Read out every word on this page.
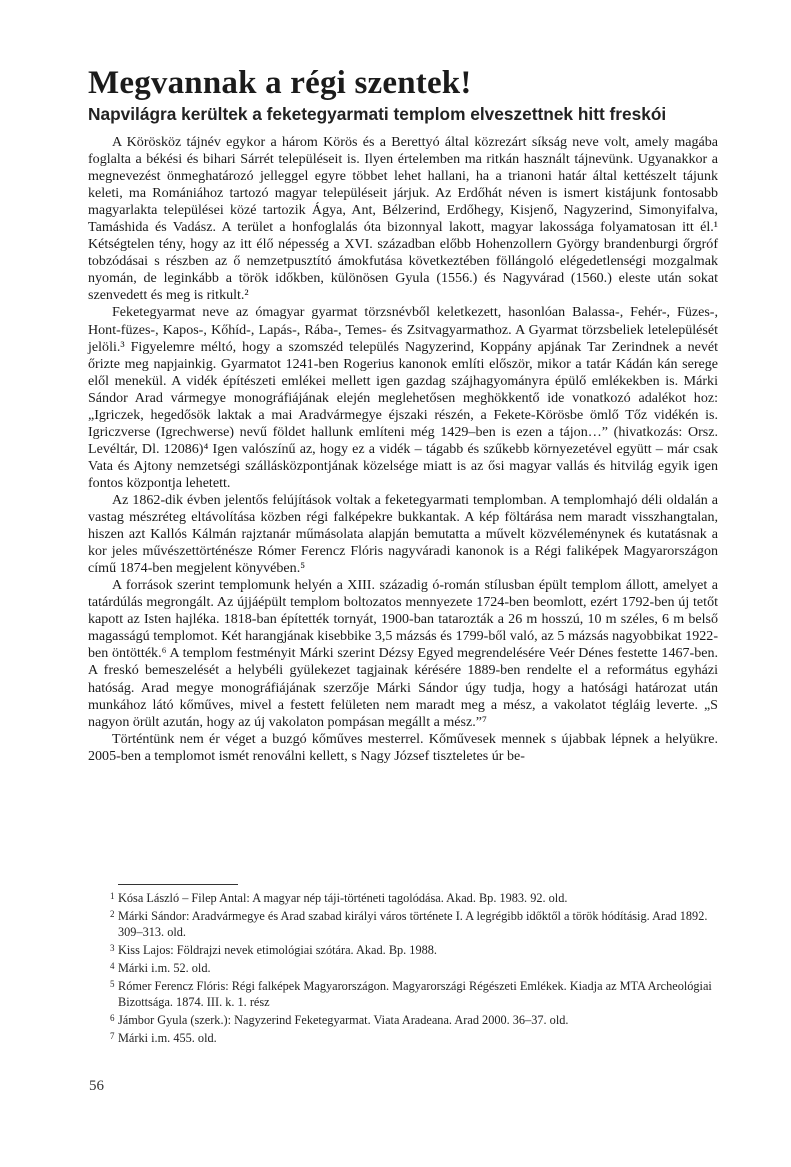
Megvannak a régi szentek!
Napvilágra kerültek a feketegyarmati templom elveszettnek hitt freskói

A Körösköz tájnév egykor a három Körös és a Berettyó által közrezárt síkság neve volt, amely magába foglalta a békési és bihari Sárrét településeit is. Ilyen értelemben ma ritkán használt tájnevünk. Ugyanakkor a megnevezést önmeghatározó jelleggel egyre többet lehet hallani, ha a trianoni határ által kettészelt tájunk keleti, ma Romániához tartozó magyar településeit járjuk. Az Erdőhát néven is ismert kistájunk fontosabb magyarlakta települései közé tartozik Ágya, Ant, Bélzerind, Erdőhegy, Kisjenő, Nagyzerind, Simonyifalva, Tamáshida és Vadász. A terület a honfoglalás óta bizonnyal lakott, magyar lakossága folyamatosan itt él.¹ Kétségtelen tény, hogy az itt élő népesség a XVI. században előbb Hohenzollern György brandenburgi őrgróf tobzódásai s részben az ő nemzetpusztító ámokfutása következtében föllángoló elégedetlenségi mozgalmak nyomán, de leginkább a török időkben, különösen Gyula (1556.) és Nagyvárad (1560.) eleste után sokat szenvedett és meg is ritkult.²

Feketegyarmat neve az ómagyar gyarmat törzsnévből keletkezett, hasonlóan Balassa-, Fehér-, Füzes-, Hont-füzes-, Kapos-, Kőhíd-, Lapás-, Rába-, Temes- és Zsitvagyarmathoz. A Gyarmat törzsbeliek letelepülését jelöli.³ Figyelemre méltó, hogy a szomszéd település Nagyzerind, Koppány apjának Tar Zerindnek a nevét őrizte meg napjainkig. Gyarmatot 1241-ben Rogerius kanonok említi először, mikor a tatár Kádán kán serege elől menekül. A vidék építészeti emlékei mellett igen gazdag szájhagyományra épülő emlékekben is. Márki Sándor Arad vármegye monográfiájának elején meglehetősen meghökkentő ide vonatkozó adalékot hoz: „Igriczek, hegedősök laktak a mai Aradvármegye éjszaki részén, a Fekete-Körösbe ömlő Tőz vidékén is. Igriczverse (Igrechwerse) nevű földet hallunk említeni még 1429–ben is ezen a tájon…” (hivatkozás: Orsz. Levéltár, Dl. 12086)⁴ Igen valószínű az, hogy ez a vidék – tágabb és szűkebb környezetével együtt – már csak Vata és Ajtony nemzetségi szállásközpontjának közelsége miatt is az ősi magyar vallás és hitvilág egyik igen fontos központja lehetett.

Az 1862-dik évben jelentős felújítások voltak a feketegyarmati templomban. A templomhajó déli oldalán a vastag mészréteg eltávolítása közben régi falképekre bukkantak. A kép föltárása nem maradt visszhangtalan, hiszen azt Kallós Kálmán rajztanár műmásolata alapján bemutatta a művelt közvéleménynek és kutatásnak a kor jeles művészettörténésze Rómer Ferencz Flóris nagyváradi kanonok is a Régi faliképek Magyarországon című 1874-ben megjelent könyvében.⁵

A források szerint templomunk helyén a XIII. századig ó-román stílusban épült templom állott, amelyet a tatárdúlás megrongált. Az újjáépült templom boltozatos mennyezete 1724-ben beomlott, ezért 1792-ben új tetőt kapott az Isten hajléka. 1818-ban építették tornyát, 1900-ban tatarozták a 26 m hosszú, 10 m széles, 6 m belső magasságú templomot. Két harangjának kisebbike 3,5 mázsás és 1799-ből való, az 5 mázsás nagyobbikat 1922-ben öntötték.⁶ A templom festményit Márki szerint Dézsy Egyed megrendelésére Veér Dénes festette 1467-ben. A freskó bemeszelését a helybéli gyülekezet tagjainak kérésére 1889-ben rendelte el a református egyházi hatóság. Arad megye monográfiájának szerzője Márki Sándor úgy tudja, hogy a hatósági határozat után munkához látó kőműves, mivel a festett felületen nem maradt meg a mész, a vakolatot tégláig leverte. „S nagyon örült azután, hogy az új vakolaton pompásan megállt a mész.”⁷

Történtünk nem ér véget a buzgó kőműves mesterrel. Kőművesek mennek s újabbak lépnek a helyükre. 2005-ben a templomot ismét renoválni kellett, s Nagy József tiszteletes úr be-

1 Kósa László – Filep Antal: A magyar nép táji-történeti tagolódása. Akad. Bp. 1983. 92. old.
2 Márki Sándor: Aradvármegye és Arad szabad királyi város története I. A legrégibb időktől a török hódításig. Arad 1892. 309–313. old.
3 Kiss Lajos: Földrajzi nevek etimológiai szótára. Akad. Bp. 1988.
4 Márki i.m. 52. old.
5 Rómer Ferencz Flóris: Régi falképek Magyarországon. Magyarországi Régészeti Emlékek. Kiadja az MTA Archeológiai Bizottsága. 1874. III. k. 1. rész
6 Jámbor Gyula (szerk.): Nagyzerind Feketegyarmat. Viata Aradeana. Arad 2000. 36–37. old.
7 Márki i.m. 455. old.
56
